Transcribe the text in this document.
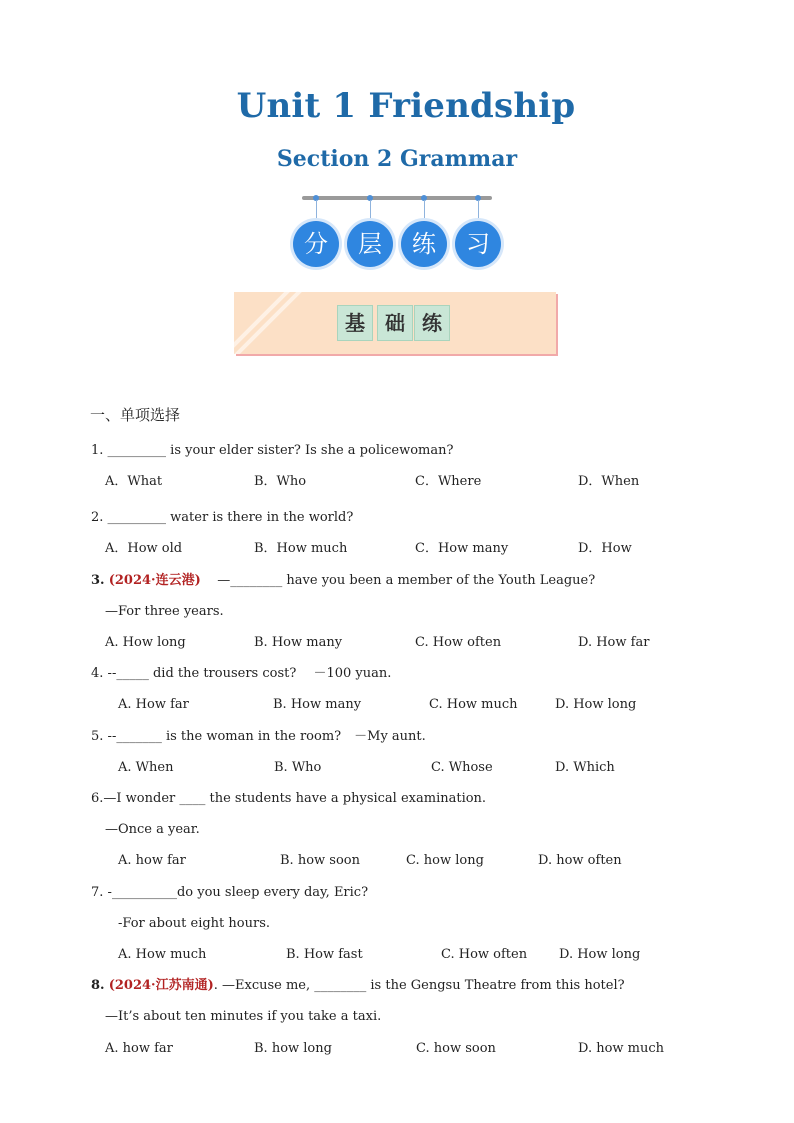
Unit 1 Friendship
Section 2 Grammar
分	层	练	习
基	础 练
一、单项选择
1. _________ is your elder sister? Is she a policewoman?
A．What	B．Who	C．Where	D．When
2. _________ water is there in the world?
A．How old	B．How much	C．How many	D．How
3. (2024·连云港) —________ have you been a member of the Youth League?
—For three years.
A. How long	B. How many	C. How often	D. How far
4. --_____ did the trousers cost?　 －100 yuan.
A. How far	B. How many	C. How much	D. How long
5. --_______ is the woman in the room?　－My aunt.
A. When	B. Who	C. Whose	D. Which
6.—I wonder ____ the students have a physical examination.
—Once a year.
A. how far	B. how soon	C. how long	D. how often
7. -__________do you sleep every day, Eric?
-For about eight hours.
A. How much	B. How fast	C. How often D. How long
8. (2024·江苏南通). —Excuse me, ________ is the Gengsu Theatre from this hotel?
—It’s about ten minutes if you take a taxi.
A. how far	B. how long	C. how soon	D. how much
